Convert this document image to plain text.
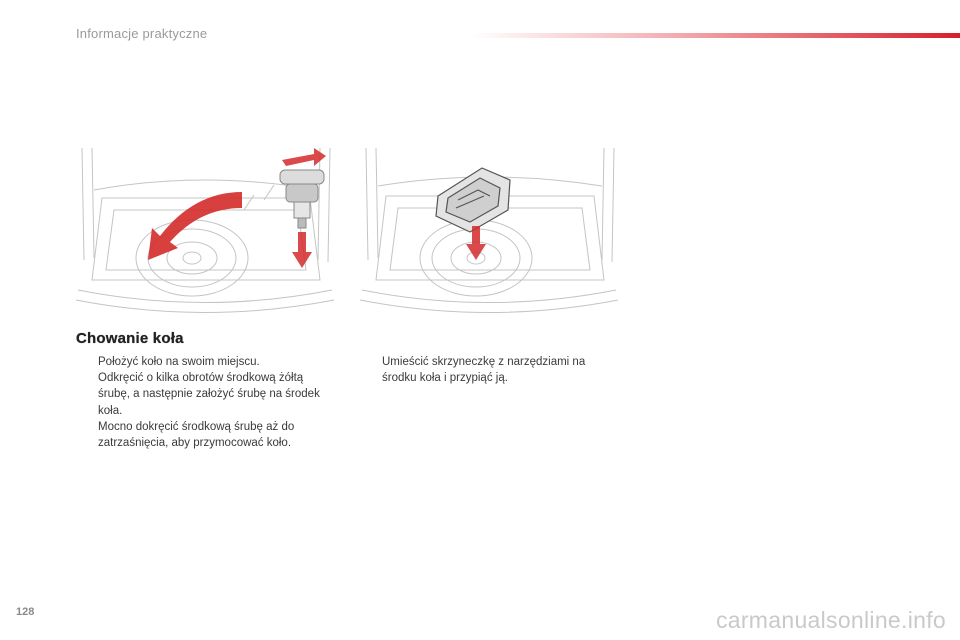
Informacje praktyczne
Chowanie koła
Położyć koło na swoim miejscu.
Odkręcić o kilka obrotów środkową żółtą śrubę, a następnie założyć śrubę na środek koła.
Mocno dokręcić środkową śrubę aż do zatrzaśnięcia, aby przymocować koło.
Umieścić skrzyneczkę z narzędziami na środku koła i przypiąć ją.
128	carmanualsonline.info
